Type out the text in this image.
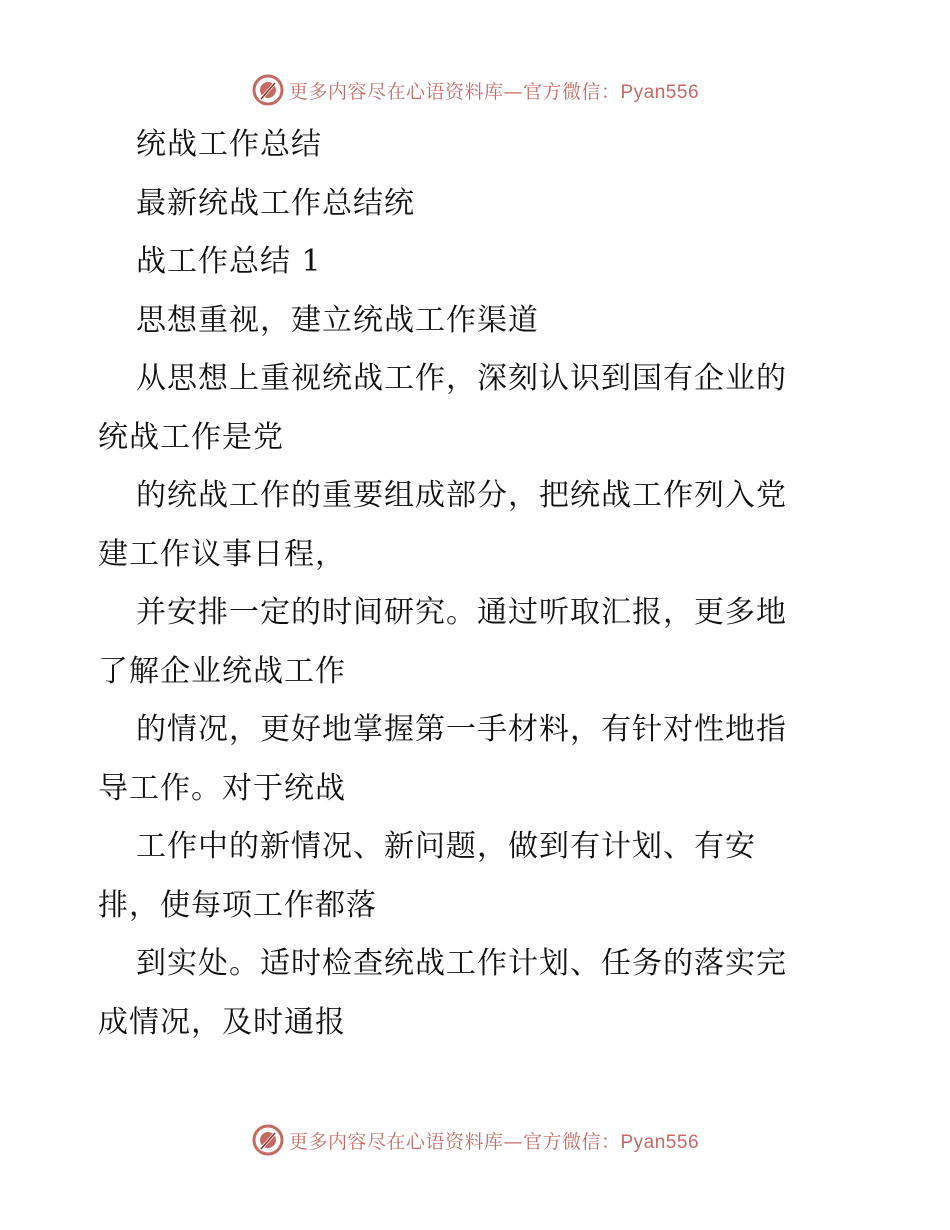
更多内容尽在心语资料库—官方微信：Pyan556
统战工作总结
最新统战工作总结统
战工作总结 1
思想重视，建立统战工作渠道
从思想上重视统战工作，深刻认识到国有企业的
统战工作是党
的统战工作的重要组成部分，把统战工作列入党
建工作议事日程，
并安排一定的时间研究。通过听取汇报，更多地
了解企业统战工作
的情况，更好地掌握第一手材料，有针对性地指
导工作。对于统战
工作中的新情况、新问题，做到有计划、有安
排，使每项工作都落
到实处。适时检查统战工作计划、任务的落实完
成情况，及时通报
更多内容尽在心语资料库—官方微信：Pyan556
